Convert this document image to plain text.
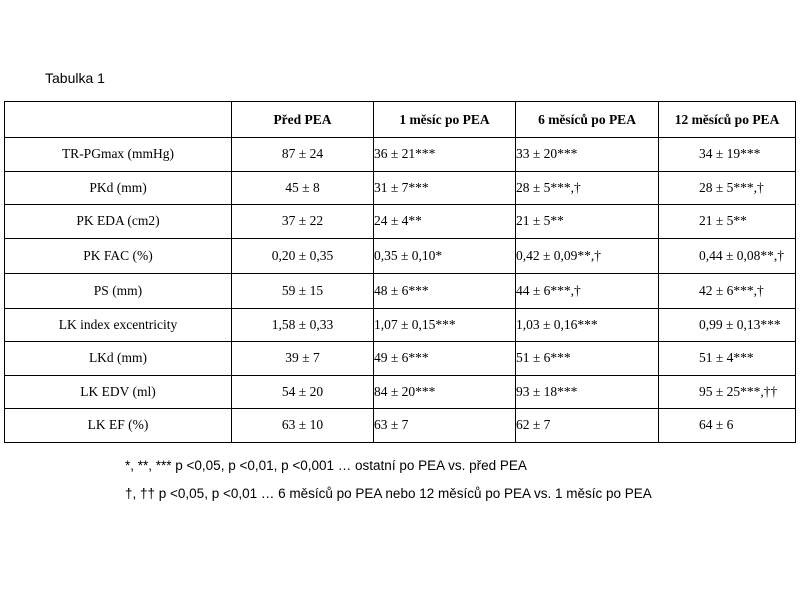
Tabulka 1
	Před PEA	1 měsíc po PEA	6 měsíců po PEA	12 měsíců po PEA
TR-PGmax (mmHg)	87 ± 24	36 ± 21***	33 ± 20***	34 ± 19***
PKd (mm)	45 ± 8	31 ± 7***	28 ± 5***,†	28 ± 5***,†
PK EDA (cm2)	37 ± 22	24 ± 4**	21 ± 5**	21 ± 5**
PK FAC (%)	0,20 ± 0,35	0,35 ± 0,10*	0,42 ± 0,09**,†	0,44 ± 0,08**,†
PS (mm)	59 ± 15	48 ± 6***	44 ± 6***,†	42 ± 6***,†
LK index excentricity	1,58 ± 0,33	1,07 ± 0,15***	1,03 ± 0,16***	0,99 ± 0,13***
LKd (mm)	39 ± 7	49 ± 6***	51 ± 6***	51 ± 4***
LK EDV (ml)	54 ± 20	84 ± 20***	93 ± 18***	95 ± 25***,††
LK EF (%)	63 ± 10	63 ± 7	62 ± 7	64 ± 6
*, **, *** p <0,05, p <0,01, p <0,001 … ostatní po PEA vs. před PEA
†, †† p <0,05, p <0,01 … 6 měsíců po PEA nebo 12 měsíců po PEA vs. 1 měsíc po PEA
